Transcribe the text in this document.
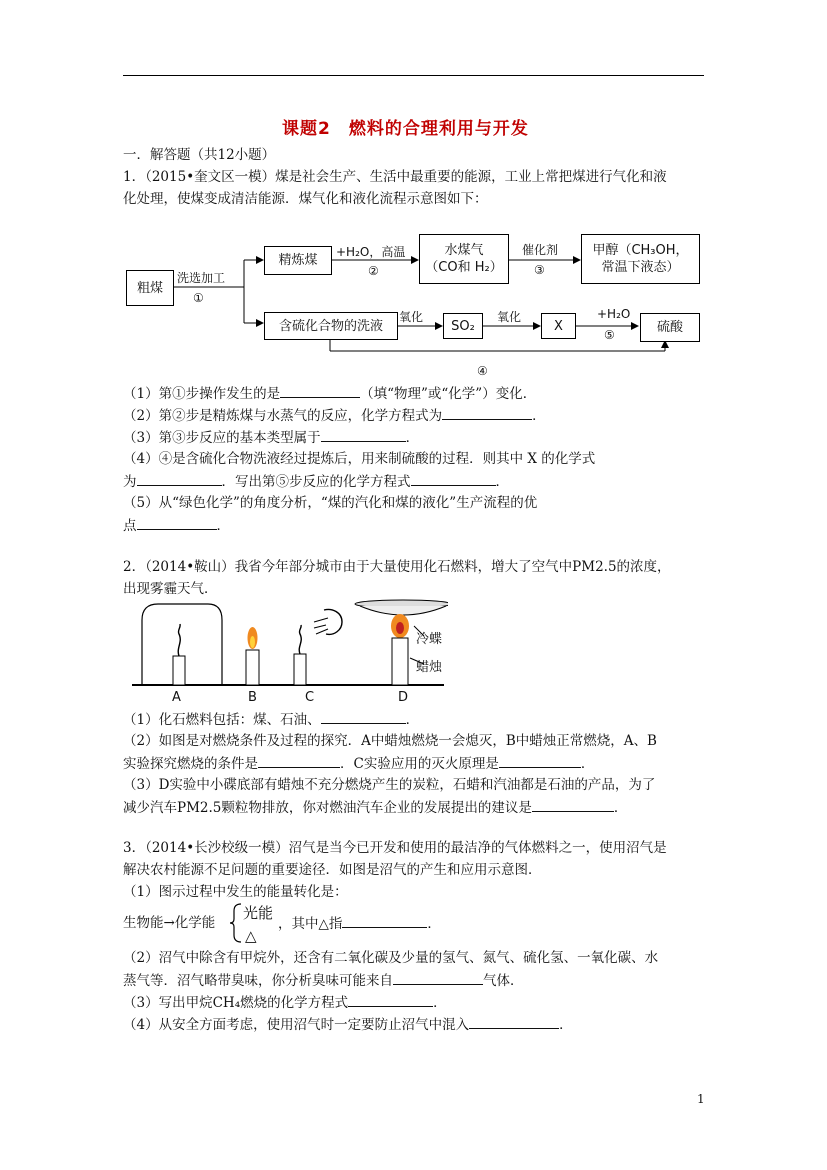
课题2　燃料的合理利用与开发
一．解答题（共12小题）
1．（2015•奎文区一模）煤是社会生产、生活中最重要的能源，工业上常把煤进行气化和液
化处理，使煤变成清洁能源．煤气化和液化流程示意图如下：
粗煤
洗选加工
①
精炼煤
+H₂O，高温
②
水煤气
（CO和 H₂）
催化剂
③
甲醇（CH₃OH，
常温下液态）
含硫化合物的洗液
氧化
SO₂
氧化
X
+H₂O
⑤	硫酸
④
（1）第①步操作发生的是	（填“物理”或“化学”）变化．
（2）第②步是精炼煤与水蒸气的反应，化学方程式为	．
（3）第③步反应的基本类型属于	．
（4）④是含硫化合物洗液经过提炼后，用来制硫酸的过程．则其中 X 的化学式
为	．写出第⑤步反应的化学方程式	．
（5）从“绿色化学”的角度分析，“煤的汽化和煤的液化”生产流程的优
点	．
2．（2014•鞍山）我省今年部分城市由于大量使用化石燃料，增大了空气中PM2.5的浓度，
出现雾霾天气．
冷蝶
蜡烛
A	B	C	D
（1）化石燃料包括：煤、石油、	．
（2）如图是对燃烧条件及过程的探究．A中蜡烛燃烧一会熄灭，B中蜡烛正常燃烧，A、B
实验探究燃烧的条件是	．C实验应用的灭火原理是	．
（3）D实验中小碟底部有蜡烛不充分燃烧产生的炭粒，石蜡和汽油都是石油的产品，为了
减少汽车PM2.5颗粒物排放，你对燃油汽车企业的发展提出的建议是	．
3．（2014•长沙校级一模）沼气是当今已开发和使用的最洁净的气体燃料之一，使用沼气是
解决农村能源不足问题的重要途径．如图是沼气的产生和应用示意图．
（1）图示过程中发生的能量转化是：
生物能→化学能
光能
△
，其中△指	．
（2）沼气中除含有甲烷外，还含有二氧化碳及少量的氢气、氮气、硫化氢、一氧化碳、水
蒸气等．沼气略带臭味，你分析臭味可能来自	气体．
（3）写出甲烷CH₄燃烧的化学方程式	．
（4）从安全方面考虑，使用沼气时一定要防止沼气中混入	．
1
